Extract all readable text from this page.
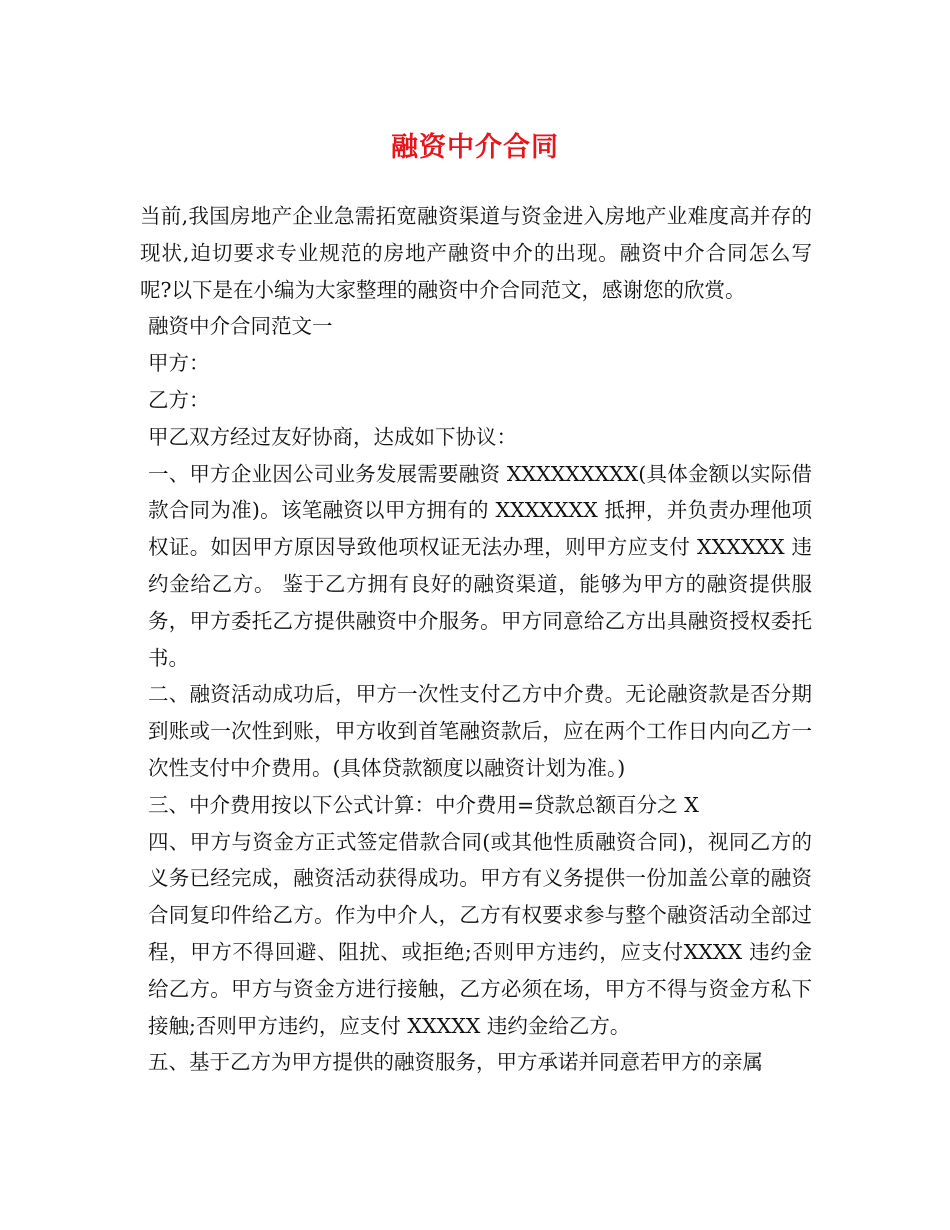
融资中介合同

当前,我国房地产企业急需拓宽融资渠道与资金进入房地产业难度高并存的现状,迫切要求专业规范的房地产融资中介的出现。融资中介合同怎么写呢?以下是在小编为大家整理的融资中介合同范文，感谢您的欣赏。

融资中介合同范文一

甲方：

乙方：

甲乙双方经过友好协商，达成如下协议：

一、甲方企业因公司业务发展需要融资 XXXXXXXXX(具体金额以实际借款合同为准)。该笔融资以甲方拥有的 XXXXXXX 抵押，并负责办理他项权证。如因甲方原因导致他项权证无法办理，则甲方应支付 XXXXXX 违约金给乙方。 鉴于乙方拥有良好的融资渠道，能够为甲方的融资提供服务，甲方委托乙方提供融资中介服务。甲方同意给乙方出具融资授权委托书。

二、融资活动成功后，甲方一次性支付乙方中介费。无论融资款是否分期到账或一次性到账，甲方收到首笔融资款后，应在两个工作日内向乙方一次性支付中介费用。(具体贷款额度以融资计划为准。)

三、中介费用按以下公式计算：中介费用=贷款总额百分之 X

四、甲方与资金方正式签定借款合同(或其他性质融资合同)，视同乙方的义务已经完成，融资活动获得成功。甲方有义务提供一份加盖公章的融资合同复印件给乙方。作为中介人，乙方有权要求参与整个融资活动全部过程，甲方不得回避、阻扰、或拒绝;否则甲方违约，应支付XXXX 违约金给乙方。甲方与资金方进行接触，乙方必须在场，甲方不得与资金方私下接触;否则甲方违约，应支付 XXXXX 违约金给乙方。

五、基于乙方为甲方提供的融资服务，甲方承诺并同意若甲方的亲属
